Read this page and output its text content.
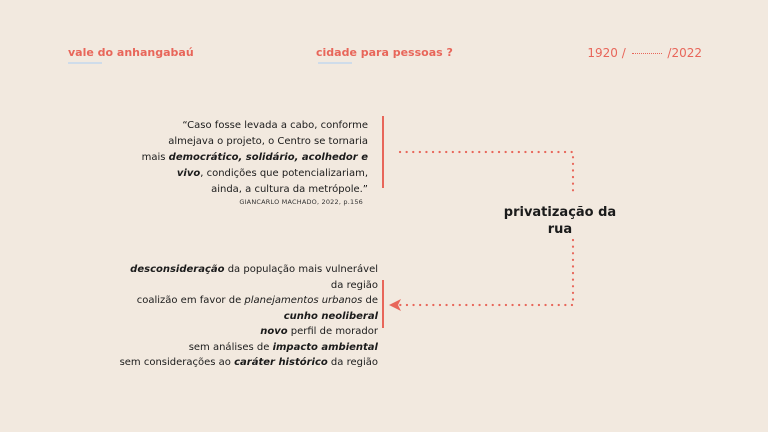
vale do anhangabaú	cidade para pessoas ?	1920 /	/2022
“Caso fosse levada a cabo, conforme
almejava o projeto, o Centro se tornaria
mais democrático, solidário, acolhedor e
vivo, condições que potencializariam,
ainda, a cultura da metrópole.”
GIANCARLO MACHADO, 2022, p.156
privatização da
rua
desconsideração da população mais vulnerável
da região
coalizão em favor de planejamentos urbanos de
cunho neoliberal
novo perfil de morador
sem análises de impacto ambiental
sem considerações ao caráter histórico da região
